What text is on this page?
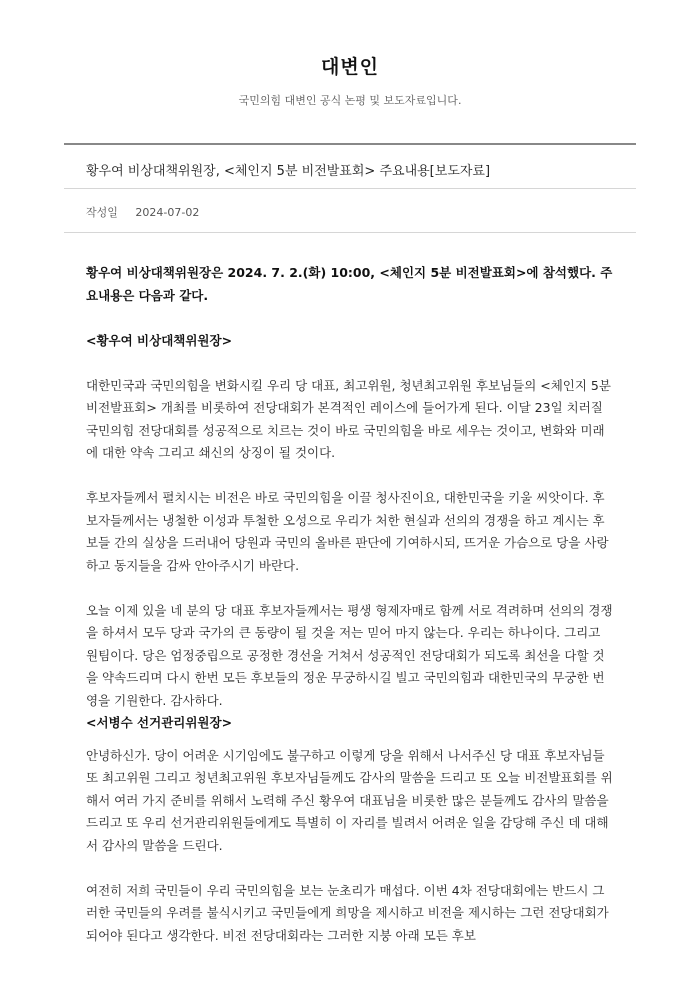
대변인
국민의힘 대변인 공식 논평 및 보도자료입니다.
황우여 비상대책위원장, <체인지 5분 비전발표회> 주요내용[보도자료]
작성일 2024-07-02

황우여 비상대책위원장은 2024. 7. 2.(화) 10:00, <체인지 5분 비전발표회>에 참석했다. 주요내용은 다음과 같다.

<황우여 비상대책위원장>

대한민국과 국민의힘을 변화시킬 우리 당 대표, 최고위원, 청년최고위원 후보님들의 <체인지 5분 비전발표회> 개최를 비롯하여 전당대회가 본격적인 레이스에 들어가게 된다. 이달 23일 치러질 국민의힘 전당대회를 성공적으로 치르는 것이 바로 국민의힘을 바로 세우는 것이고, 변화와 미래에 대한 약속 그리고 쇄신의 상징이 될 것이다.

후보자들께서 펼치시는 비전은 바로 국민의힘을 이끌 청사진이요, 대한민국을 키울 씨앗이다. 후보자들께서는 냉철한 이성과 투철한 오성으로 우리가 처한 현실과 선의의 경쟁을 하고 계시는 후보들 간의 실상을 드러내어 당원과 국민의 올바른 판단에 기여하시되, 뜨거운 가슴으로 당을 사랑하고 동지들을 감싸 안아주시기 바란다.

오늘 이제 있을 네 분의 당 대표 후보자들께서는 평생 형제자매로 함께 서로 격려하며 선의의 경쟁을 하셔서 모두 당과 국가의 큰 동량이 될 것을 저는 믿어 마지 않는다. 우리는 하나이다. 그리고 원팀이다. 당은 엄정중립으로 공정한 경선을 거쳐서 성공적인 전당대회가 되도록 최선을 다할 것을 약속드리며 다시 한번 모든 후보들의 정운 무궁하시길 빌고 국민의힘과 대한민국의 무궁한 번영을 기원한다. 감사하다.

<서병수 선거관리위원장>

안녕하신가. 당이 어려운 시기임에도 불구하고 이렇게 당을 위해서 나서주신 당 대표 후보자님들 또 최고위원 그리고 청년최고위원 후보자님들께도 감사의 말씀을 드리고 또 오늘 비전발표회를 위해서 여러 가지 준비를 위해서 노력해 주신 황우여 대표님을 비롯한 많은 분들께도 감사의 말씀을 드리고 또 우리 선거관리위원들에게도 특별히 이 자리를 빌려서 어려운 일을 감당해 주신 데 대해서 감사의 말씀을 드린다.

여전히 저희 국민들이 우리 국민의힘을 보는 눈초리가 매섭다. 이번 4차 전당대회에는 반드시 그러한 국민들의 우려를 불식시키고 국민들에게 희망을 제시하고 비전을 제시하는 그런 전당대회가 되어야 된다고 생각한다. 비전 전당대회라는 그러한 지붕 아래 모든 후보
